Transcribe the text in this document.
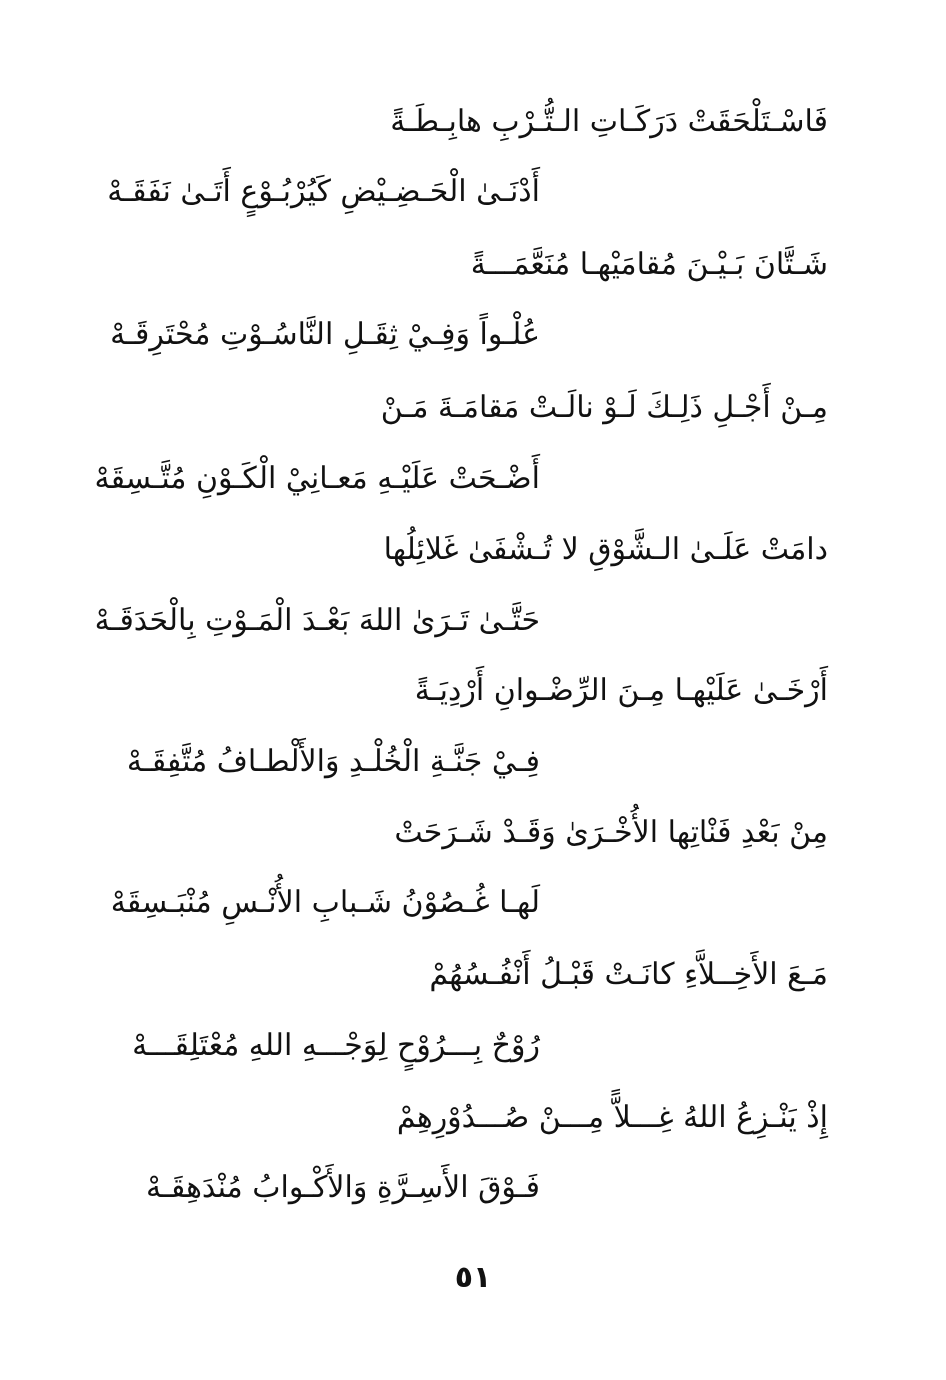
فَاسْـتَلْحَقَتْ دَرَكَـاتِ الـتُّـرْبِ هابِـطَـةً
أَدْنَـىٰ الْحَـضِـيْضِ كَيُرْبُـوْعٍ أَتَـىٰ نَفَقَـهْ
شَـتَّانَ بَـيْـنَ مُقامَيْهـا مُنَعَّمَـــةً
عُلْـواً وَفِـيْ ثِقَـلِ النَّاسُـوْتِ مُحْتَرِقَـهْ
مِـنْ أَجْـلِ ذَلِـكَ لَـوْ نالَـتْ مَقامَـةَ مَـنْ
أَضْـحَتْ عَلَيْـهِ مَعـانِيْ الْكَـوْنِ مُتَّـسِقَهْ
دامَتْ عَلَـىٰ الـشَّوْقِ لا تُـشْفَىٰ غَلائِلُها
حَتَّـىٰ تَـرَىٰ اللهَ بَعْـدَ الْمَـوْتِ بِالْحَدَقَـهْ
أَرْخَـىٰ عَلَيْهـا مِـنَ الرِّضْـوانِ أَرْدِيَـةً
فِـيْ جَنَّـةِ الْخُلْـدِ وَالأَلْطـافُ مُتَّفِقَـهْ
مِنْ بَعْدِ فَنْاتِها الأُخْـرَىٰ وَقَـدْ شَـرَحَتْ
لَهـا غُـصُوْنُ شَـبابِ الأُنْـسِ مُنْبَـسِقَهْ
مَـعَ الأَخِــلاَّءِ كانَـتْ قَبْـلُ أَنْفُـسُهُمْ
رُوْحٌ بِـــرُوْحٍ لِوَجْـــهِ اللهِ مُعْتَلِقَـــهْ
إِذْ يَنْـزِعُ اللهُ غِـــلاًّ مِـــنْ صُـــدُوْرِهِمْ
فَـوْقَ الأَسِـرَّةِ وَالأَكْـوابُ مُنْدَهِقَـهْ
٥١
